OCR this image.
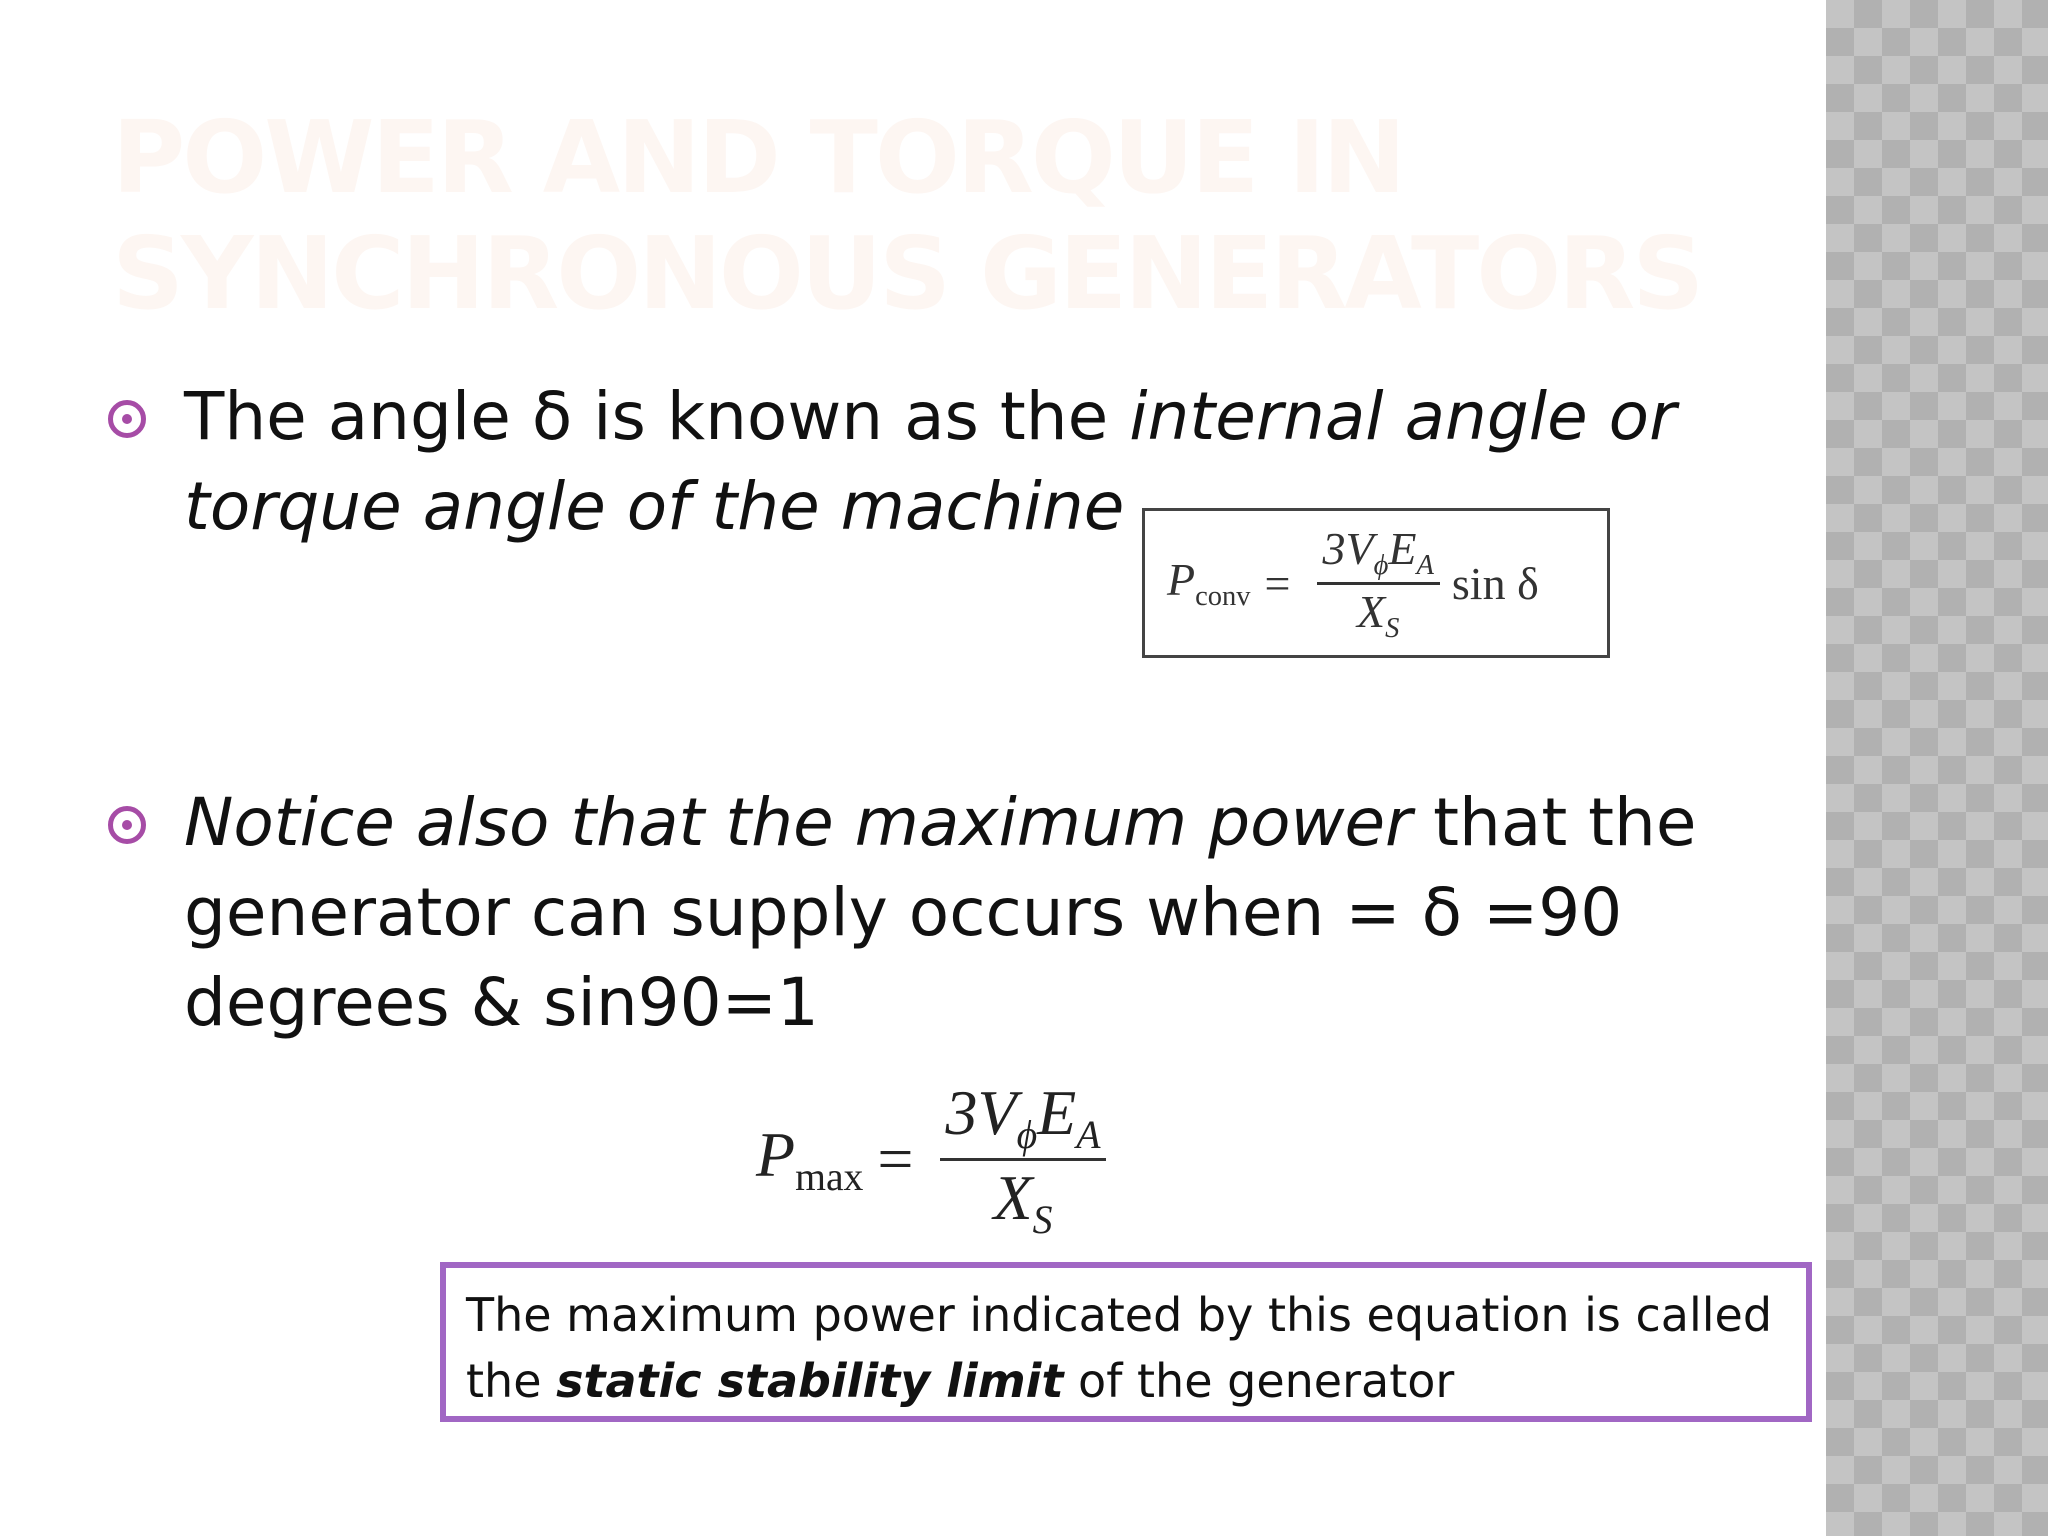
POWER AND TORQUE IN
SYNCHRONOUS GENERATORS
The angle δ is known as the internal angle or torque angle of the machine
$P_{conv} = \frac{3V_\phi E_A}{X_S}$ sin δ
Notice also that the maximum power that the generator can supply occurs when = δ =90 degrees & sin90=1
$P_{max} = \frac{3V_\phi E_A}{X_S}$
The maximum power indicated by this equation is called
the static stability limit of the generator
